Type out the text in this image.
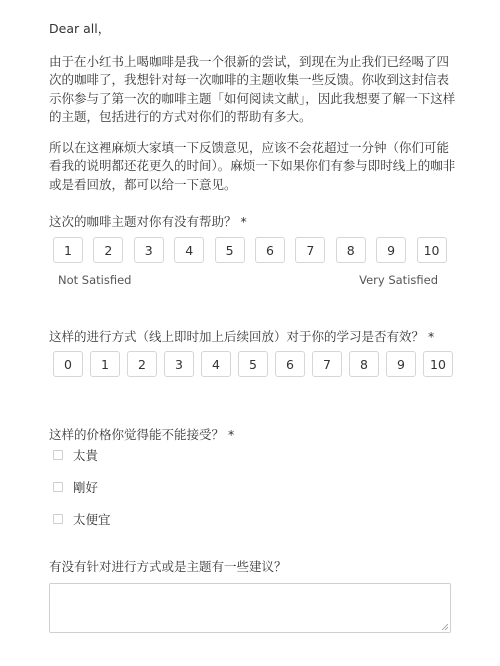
Dear all，

由于在小红书上喝咖啡是我一个很新的尝试，到现在为止我们已经喝了四次的咖啡了，我想针对每一次咖啡的主题收集一些反馈。你收到这封信表示你参与了第一次的咖啡主题「如何阅读文献」，因此我想要了解一下这样的主题，包括进行的方式对你们的帮助有多大。

所以在这裡麻烦大家填一下反馈意见，应该不会花超过一分钟（你们可能看我的说明都还花更久的时间）。麻烦一下如果你们有参与即时线上的咖非或是看回放，都可以给一下意见。

这次的咖啡主题对你有没有帮助？ *
1	2	3	4	5	6	7	8	9	10
Not Satisfied	Very Satisfied
这样的进行方式（线上即时加上后续回放）对于你的学习是否有效？ *
0	1	2	3	4	5	6	7	8	9	10
这样的价格你觉得能不能接受？ *
太貴
剛好
太便宜
有没有针对进行方式或是主题有一些建议？
